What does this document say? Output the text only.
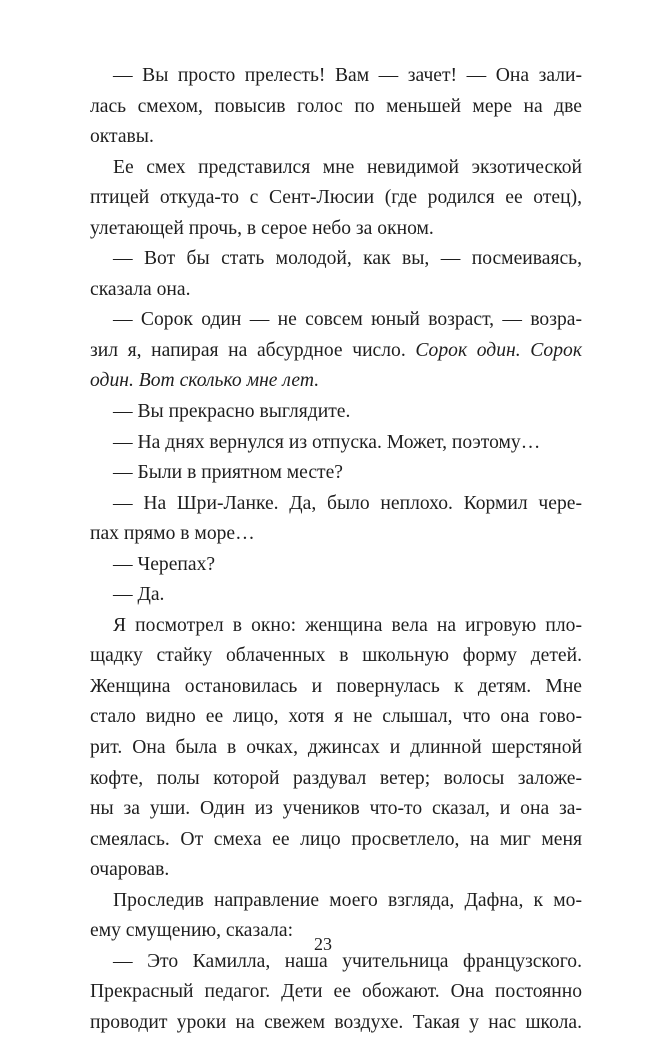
— Вы просто прелесть! Вам — зачет! — Она зали-
лась смехом, повысив голос по меньшей мере на две
октавы.
Ее смех представился мне невидимой экзотической
птицей откуда-то с Сент-Люсии (где родился ее отец),
улетающей прочь, в серое небо за окном.
— Вот бы стать молодой, как вы, — посмеиваясь,
сказала она.
— Сорок один — не совсем юный возраст, — возра-
зил я, напирая на абсурдное число. Сорок один. Сорок
один. Вот сколько мне лет.
— Вы прекрасно выглядите.
— На днях вернулся из отпуска. Может, поэтому…
— Были в приятном месте?
— На Шри-Ланке. Да, было неплохо. Кормил чере-
пах прямо в море…
— Черепах?
— Да.
Я посмотрел в окно: женщина вела на игровую пло-
щадку стайку облаченных в школьную форму детей.
Женщина остановилась и повернулась к детям. Мне
стало видно ее лицо, хотя я не слышал, что она гово-
рит. Она была в очках, джинсах и длинной шерстяной
кофте, полы которой раздувал ветер; волосы заложе-
ны за уши. Один из учеников что-то сказал, и она за-
смеялась. От смеха ее лицо просветлело, на миг меня
очаровав.
Проследив направление моего взгляда, Дафна, к мо-
ему смущению, сказала:
— Это Камилла, наша учительница французского.
Прекрасный педагог. Дети ее обожают. Она постоянно
проводит уроки на свежем воздухе. Такая у нас школа.
23
